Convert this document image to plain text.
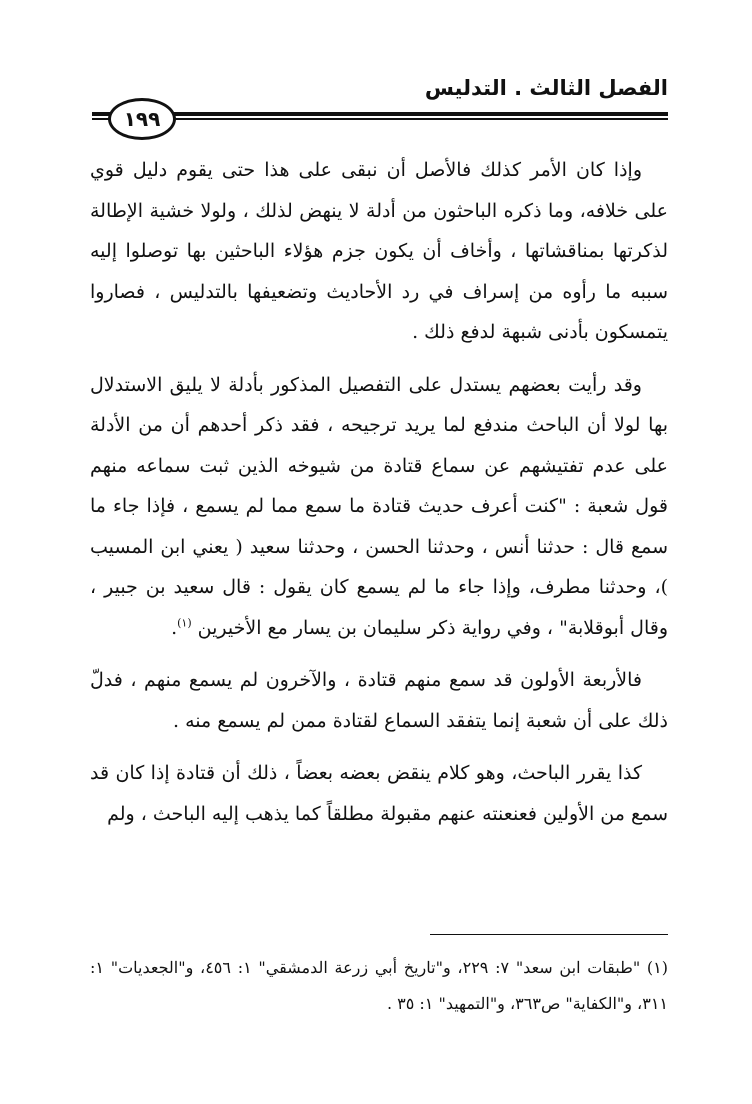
الفصل الثالث . التدليس
١٩٩

وإذا كان الأمر كذلك فالأصل أن نبقى على هذا حتى يقوم دليل قوي على خلافه، وما ذكره الباحثون من أدلة لا ينهض لذلك ، ولولا خشية الإطالة لذكرتها بمناقشاتها ، وأخاف أن يكون جزم هؤلاء الباحثين بها توصلوا إليه سببه ما رأوه من إسراف في رد الأحاديث وتضعيفها بالتدليس ، فصاروا يتمسكون بأدنى شبهة لدفع ذلك .

وقد رأيت بعضهم يستدل على التفصيل المذكور بأدلة لا يليق الاستدلال بها لولا أن الباحث مندفع لما يريد ترجيحه ، فقد ذكر أحدهم أن من الأدلة على عدم تفتيشهم عن سماع قتادة من شيوخه الذين ثبت سماعه منهم قول شعبة : "كنت أعرف حديث قتادة ما سمع مما لم يسمع ، فإذا جاء ما سمع قال : حدثنا أنس ، وحدثنا الحسن ، وحدثنا سعيد ( يعني ابن المسيب )، وحدثنا مطرف، وإذا جاء ما لم يسمع كان يقول : قال سعيد بن جبير ، وقال أبوقلابة" ، وفي رواية ذكر سليمان بن يسار مع الأخيرين $^{(١)}$.

فالأربعة الأولون قد سمع منهم قتادة ، والآخرون لم يسمع منهم ، فدلّ ذلك على أن شعبة إنما يتفقد السماع لقتادة ممن لم يسمع منه .

كذا يقرر الباحث، وهو كلام ينقض بعضه بعضاً ، ذلك أن قتادة إذا كان قد سمع من الأولين فعنعنته عنهم مقبولة مطلقاً كما يذهب إليه الباحث ، ولم

(١) "طبقات ابن سعد" ٧: ٢٢٩، و"تاريخ أبي زرعة الدمشقي" ١: ٤٥٦، و"الجعديات" ١: ٣١١، و"الكفاية" ص٣٦٣، و"التمهيد" ١: ٣٥ .
